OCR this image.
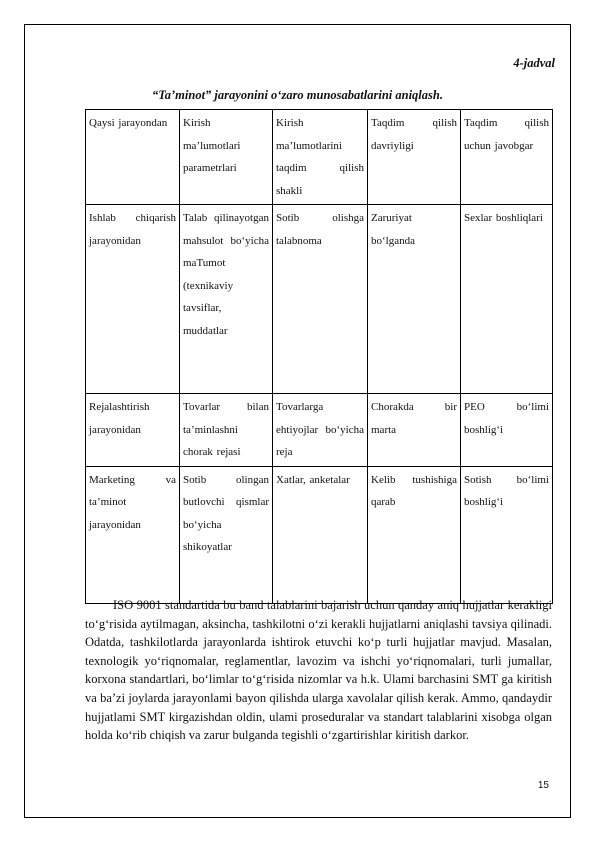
4-jadval
“Ta’minot” jarayonini o‘zaro munosabatlarini aniqlash.
Qaysi jarayondan	Kirish ma’lumotlari parametrlari	Kirish ma’lumotlarini taqdim qilish shakli	Taqdim qilish davriyligi	Taqdim qilish uchun javobgar
Ishlab chiqarish jarayonidan	Talab qilinayotgan mahsulot bo‘yicha maTumot (texnikaviy tavsiflar, muddatlar	Sotib olishga talabnoma	Zaruriyat bo‘lganda	Sexlar boshliqlari
Rejalashtirish jarayonidan	Tovarlar bilan ta’minlashni chorak rejasi	Tovarlarga ehtiyojlar bo‘yicha reja	Chorakda bir marta	PEO bo‘limi boshlig‘i
Marketing va ta’minot jarayonidan	Sotib olingan butlovchi qismlar bo‘yicha shikoyatlar	Xatlar, anketalar	Kelib tushishiga qarab	Sotish bo‘limi boshlig‘i
ISO 9001 standartida bu band talablarini bajarish uchun qanday aniq hujjatlar kerakligi to‘g‘risida aytilmagan, aksincha, tashkilotni o‘zi kerakli hujjatlarni aniqlashi tavsiya qilinadi. Odatda, tashkilotlarda jarayonlarda ishtirok etuvchi ko‘p turli hujjatlar mavjud. Masalan, texnologik yo‘riqnomalar, reglamentlar, lavozim va ishchi yo‘riqnomalari, turli jumallar, korxona standartlari, bo‘limlar to‘g‘risida nizomlar va h.k. Ulami barchasini SMT ga kiritish va ba’zi joylarda jarayonlami bayon qilishda ularga xavolalar qilish kerak. Ammo, qandaydir hujjatlami SMT kirgazishdan oldin, ulami proseduralar va standart talablarini xisobga olgan holda ko‘rib chiqish va zarur bulganda tegishli o‘zgartirishlar kiritish darkor.
15
